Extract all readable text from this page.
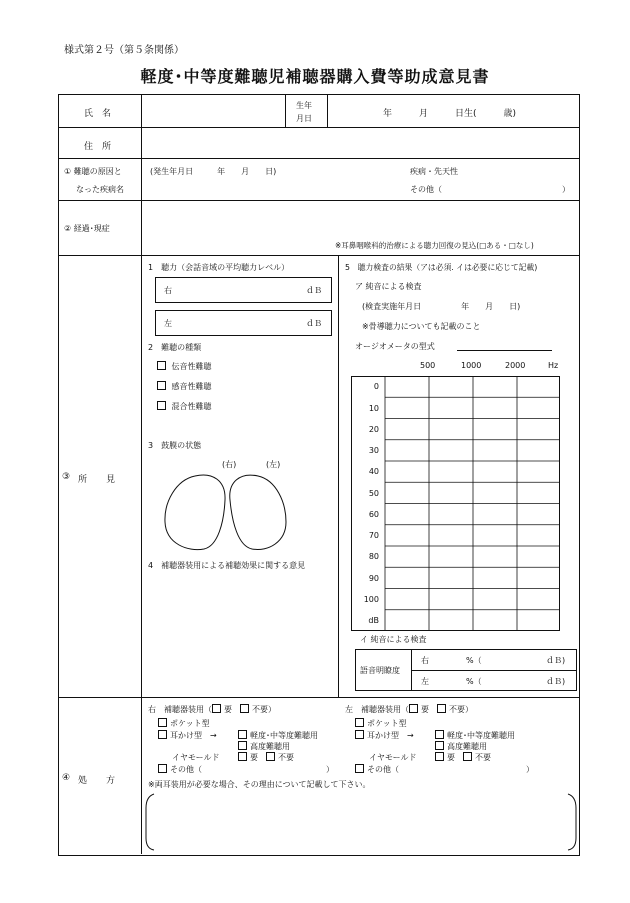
様式第２号（第５条関係）
軽度･中等度難聴児補聴器購入費等助成意見書
氏　名
生年
月日	年　　　月　　　日生(　　　歳)
住　所
① 難聴の原因と
なった疾病名
(発生年月日　　　年　　月　　日)	疾病・先天性
その他（	）
② 経過･現症
※耳鼻咽喉科的治療による聴力回復の見込(□ある・□なし)
③ 所 見
1　聴力（会話音域の平均聴力レベル）
右	ｄＢ
左	ｄＢ
2　難聴の種類
伝音性難聴
感音性難聴
混合性難聴
3　鼓膜の状態
(右)	(左)
4　補聴器装用による補聴効果に関する意見
5　聴力検査の結果（アは必須. イは必要に応じて記載)
ア 純音による検査
(検査実施年月日　　　　　年　　月　　日)
※骨導聴力についても記載のこと
オージオメータの型式
500	1000	2000	Hz
0
10
20
30
40
50
60
70
80
90
100
dB
イ 純音による検査
語音明瞭度
右	%（	ｄＢ)
左	%（	ｄＢ)
④ 処 方
右　補聴器装用（ 要　	不要）
ポケット型
耳かけ型　→	軽度･中等度難聴用
高度難聴用
イヤモールド	要　	不要
その他（	）
左　補聴器装用（ 要　	不要）
ポケット型
耳かけ型　→	軽度･中等度難聴用
高度難聴用
イヤモールド	要　	不要
その他（	）
※両耳装用が必要な場合、その理由について記載して下さい。
